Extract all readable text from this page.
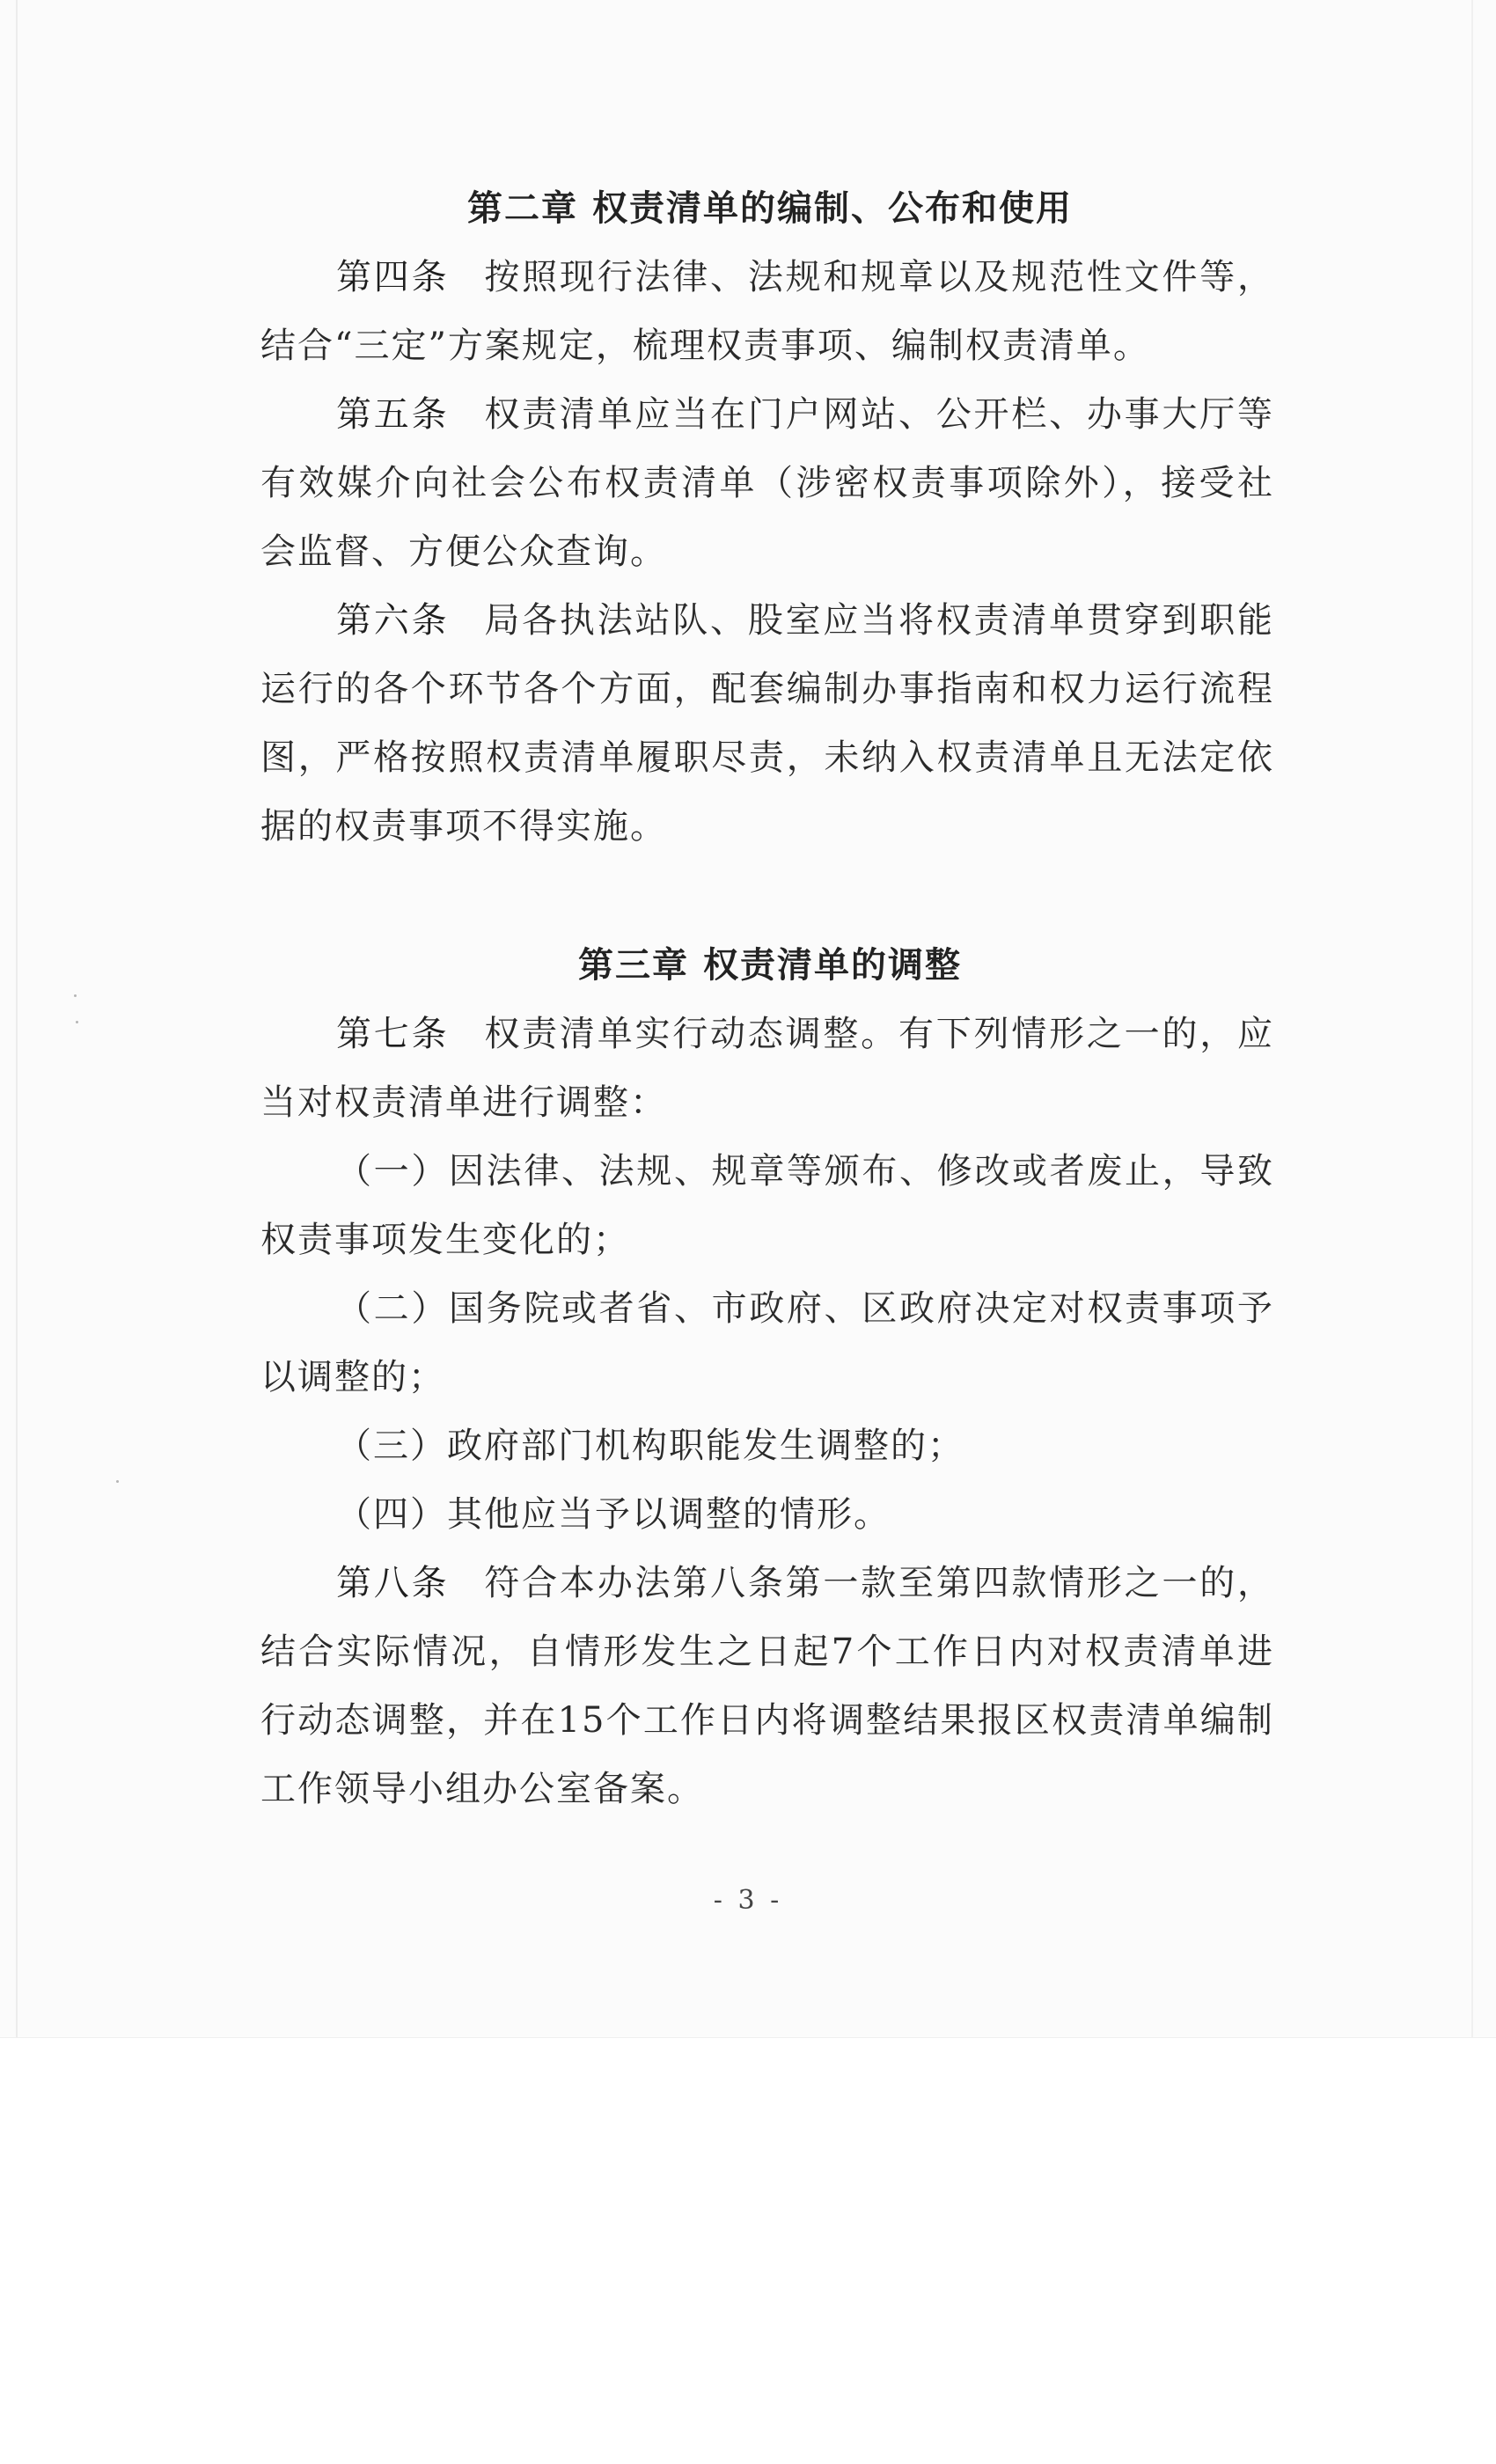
第二章 权责清单的编制、公布和使用

第四条 按照现行法律、法规和规章以及规范性文件等，结合“三定”方案规定，梳理权责事项、编制权责清单。

第五条 权责清单应当在门户网站、公开栏、办事大厅等有效媒介向社会公布权责清单（涉密权责事项除外），接受社会监督、方便公众查询。

第六条 局各执法站队、股室应当将权责清单贯穿到职能运行的各个环节各个方面，配套编制办事指南和权力运行流程图，严格按照权责清单履职尽责，未纳入权责清单且无法定依据的权责事项不得实施。

第三章 权责清单的调整

第七条 权责清单实行动态调整。有下列情形之一的，应当对权责清单进行调整：

（一）因法律、法规、规章等颁布、修改或者废止，导致权责事项发生变化的；

（二）国务院或者省、市政府、区政府决定对权责事项予以调整的；

（三）政府部门机构职能发生调整的；

（四）其他应当予以调整的情形。

第八条 符合本办法第八条第一款至第四款情形之一的，结合实际情况，自情形发生之日起7个工作日内对权责清单进行动态调整，并在15个工作日内将调整结果报区权责清单编制工作领导小组办公室备案。

- 3 -
